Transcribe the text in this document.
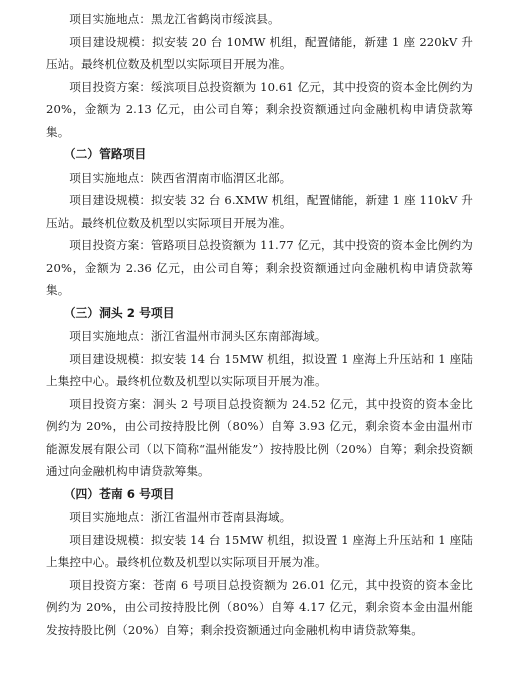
项目实施地点：黑龙江省鹤岗市绥滨县。

项目建设规模：拟安装 20 台 10MW 机组，配置储能，新建 1 座 220kV 升压站。最终机位数及机型以实际项目开展为准。

项目投资方案：绥滨项目总投资额为 10.61 亿元，其中投资的资本金比例约为 20%，金额为 2.13 亿元，由公司自筹；剩余投资额通过向金融机构申请贷款筹集。

（二）管路项目

项目实施地点：陕西省渭南市临渭区北部。

项目建设规模：拟安装 32 台 6.XMW 机组，配置储能，新建 1 座 110kV 升压站。最终机位数及机型以实际项目开展为准。

项目投资方案：管路项目总投资额为 11.77 亿元，其中投资的资本金比例约为 20%，金额为 2.36 亿元，由公司自筹；剩余投资额通过向金融机构申请贷款筹集。

（三）洞头 2 号项目

项目实施地点：浙江省温州市洞头区东南部海域。

项目建设规模：拟安装 14 台 15MW 机组，拟设置 1 座海上升压站和 1 座陆上集控中心。最终机位数及机型以实际项目开展为准。

项目投资方案：洞头 2 号项目总投资额为 24.52 亿元，其中投资的资本金比例约为 20%，由公司按持股比例（80%）自筹 3.93 亿元，剩余资本金由温州市能源发展有限公司（以下简称“温州能发”）按持股比例（20%）自筹；剩余投资额通过向金融机构申请贷款筹集。

（四）苍南 6 号项目

项目实施地点：浙江省温州市苍南县海域。

项目建设规模：拟安装 14 台 15MW 机组，拟设置 1 座海上升压站和 1 座陆上集控中心。最终机位数及机型以实际项目开展为准。

项目投资方案：苍南 6 号项目总投资额为 26.01 亿元，其中投资的资本金比例约为 20%，由公司按持股比例（80%）自筹 4.17 亿元，剩余资本金由温州能发按持股比例（20%）自筹；剩余投资额通过向金融机构申请贷款筹集。
